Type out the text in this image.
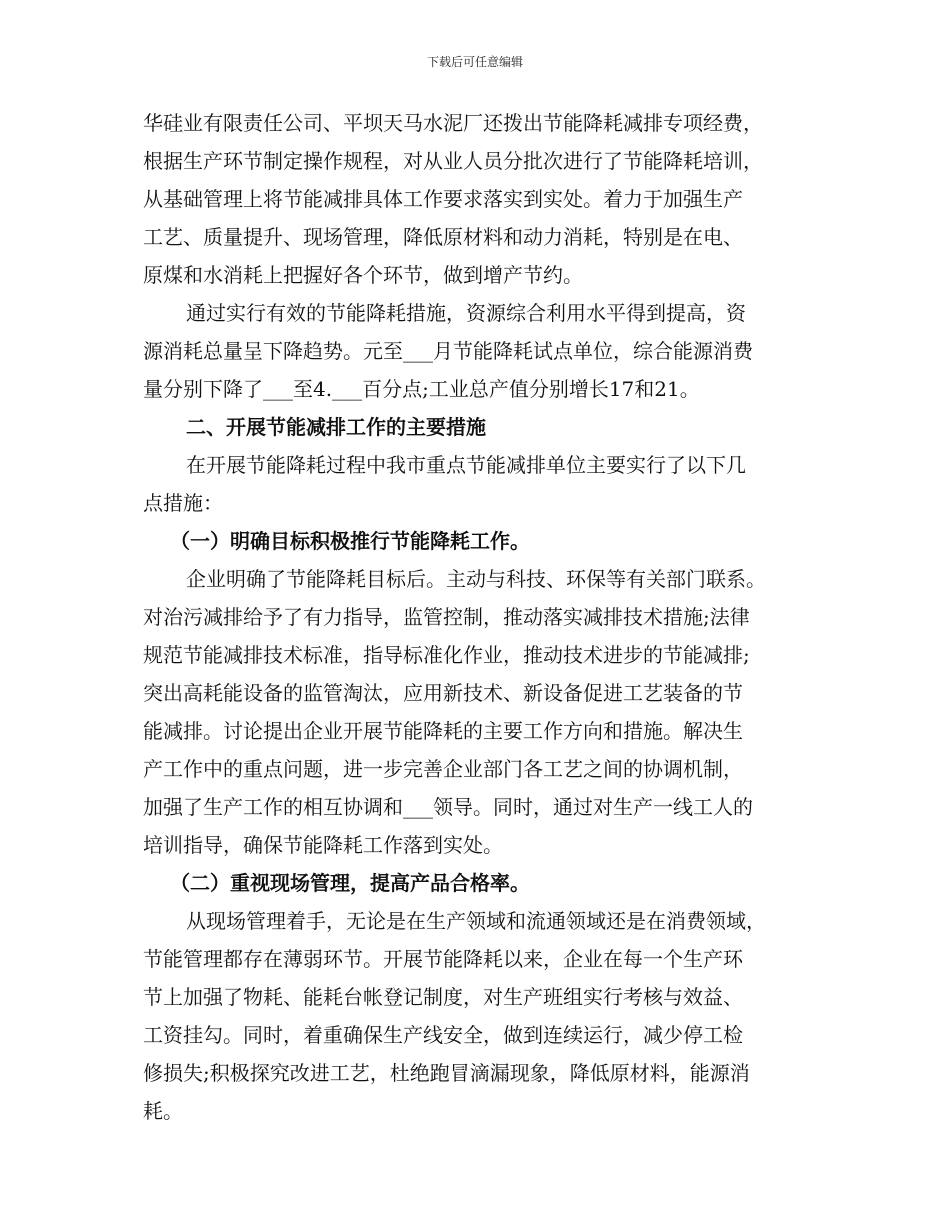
下载后可任意编辑
华硅业有限责任公司、平坝天马水泥厂还拨出节能降耗减排专项经费，
根据生产环节制定操作规程，对从业人员分批次进行了节能降耗培训，
从基础管理上将节能减排具体工作要求落实到实处。着力于加强生产
工艺、质量提升、现场管理，降低原材料和动力消耗，特别是在电、
原煤和水消耗上把握好各个环节，做到增产节约。
通过实行有效的节能降耗措施，资源综合利用水平得到提高，资
源消耗总量呈下降趋势。元至___月节能降耗试点单位，综合能源消费
量分别下降了___至4.___百分点;工业总产值分别增长17和21。
二、开展节能减排工作的主要措施
在开展节能降耗过程中我市重点节能减排单位主要实行了以下几
点措施：
（一）明确目标积极推行节能降耗工作。
企业明确了节能降耗目标后。主动与科技、环保等有关部门联系。
对治污减排给予了有力指导，监管控制，推动落实减排技术措施;法律
规范节能减排技术标准，指导标准化作业，推动技术进步的节能减排;
突出高耗能设备的监管淘汰，应用新技术、新设备促进工艺装备的节
能减排。讨论提出企业开展节能降耗的主要工作方向和措施。解决生
产工作中的重点问题，进一步完善企业部门各工艺之间的协调机制，
加强了生产工作的相互协调和___领导。同时，通过对生产一线工人的
培训指导，确保节能降耗工作落到实处。
（二）重视现场管理，提高产品合格率。
从现场管理着手，无论是在生产领域和流通领域还是在消费领域，
节能管理都存在薄弱环节。开展节能降耗以来，企业在每一个生产环
节上加强了物耗、能耗台帐登记制度，对生产班组实行考核与效益、
工资挂勾。同时，着重确保生产线安全，做到连续运行，减少停工检
修损失;积极探究改进工艺，杜绝跑冒滴漏现象，降低原材料，能源消
耗。
